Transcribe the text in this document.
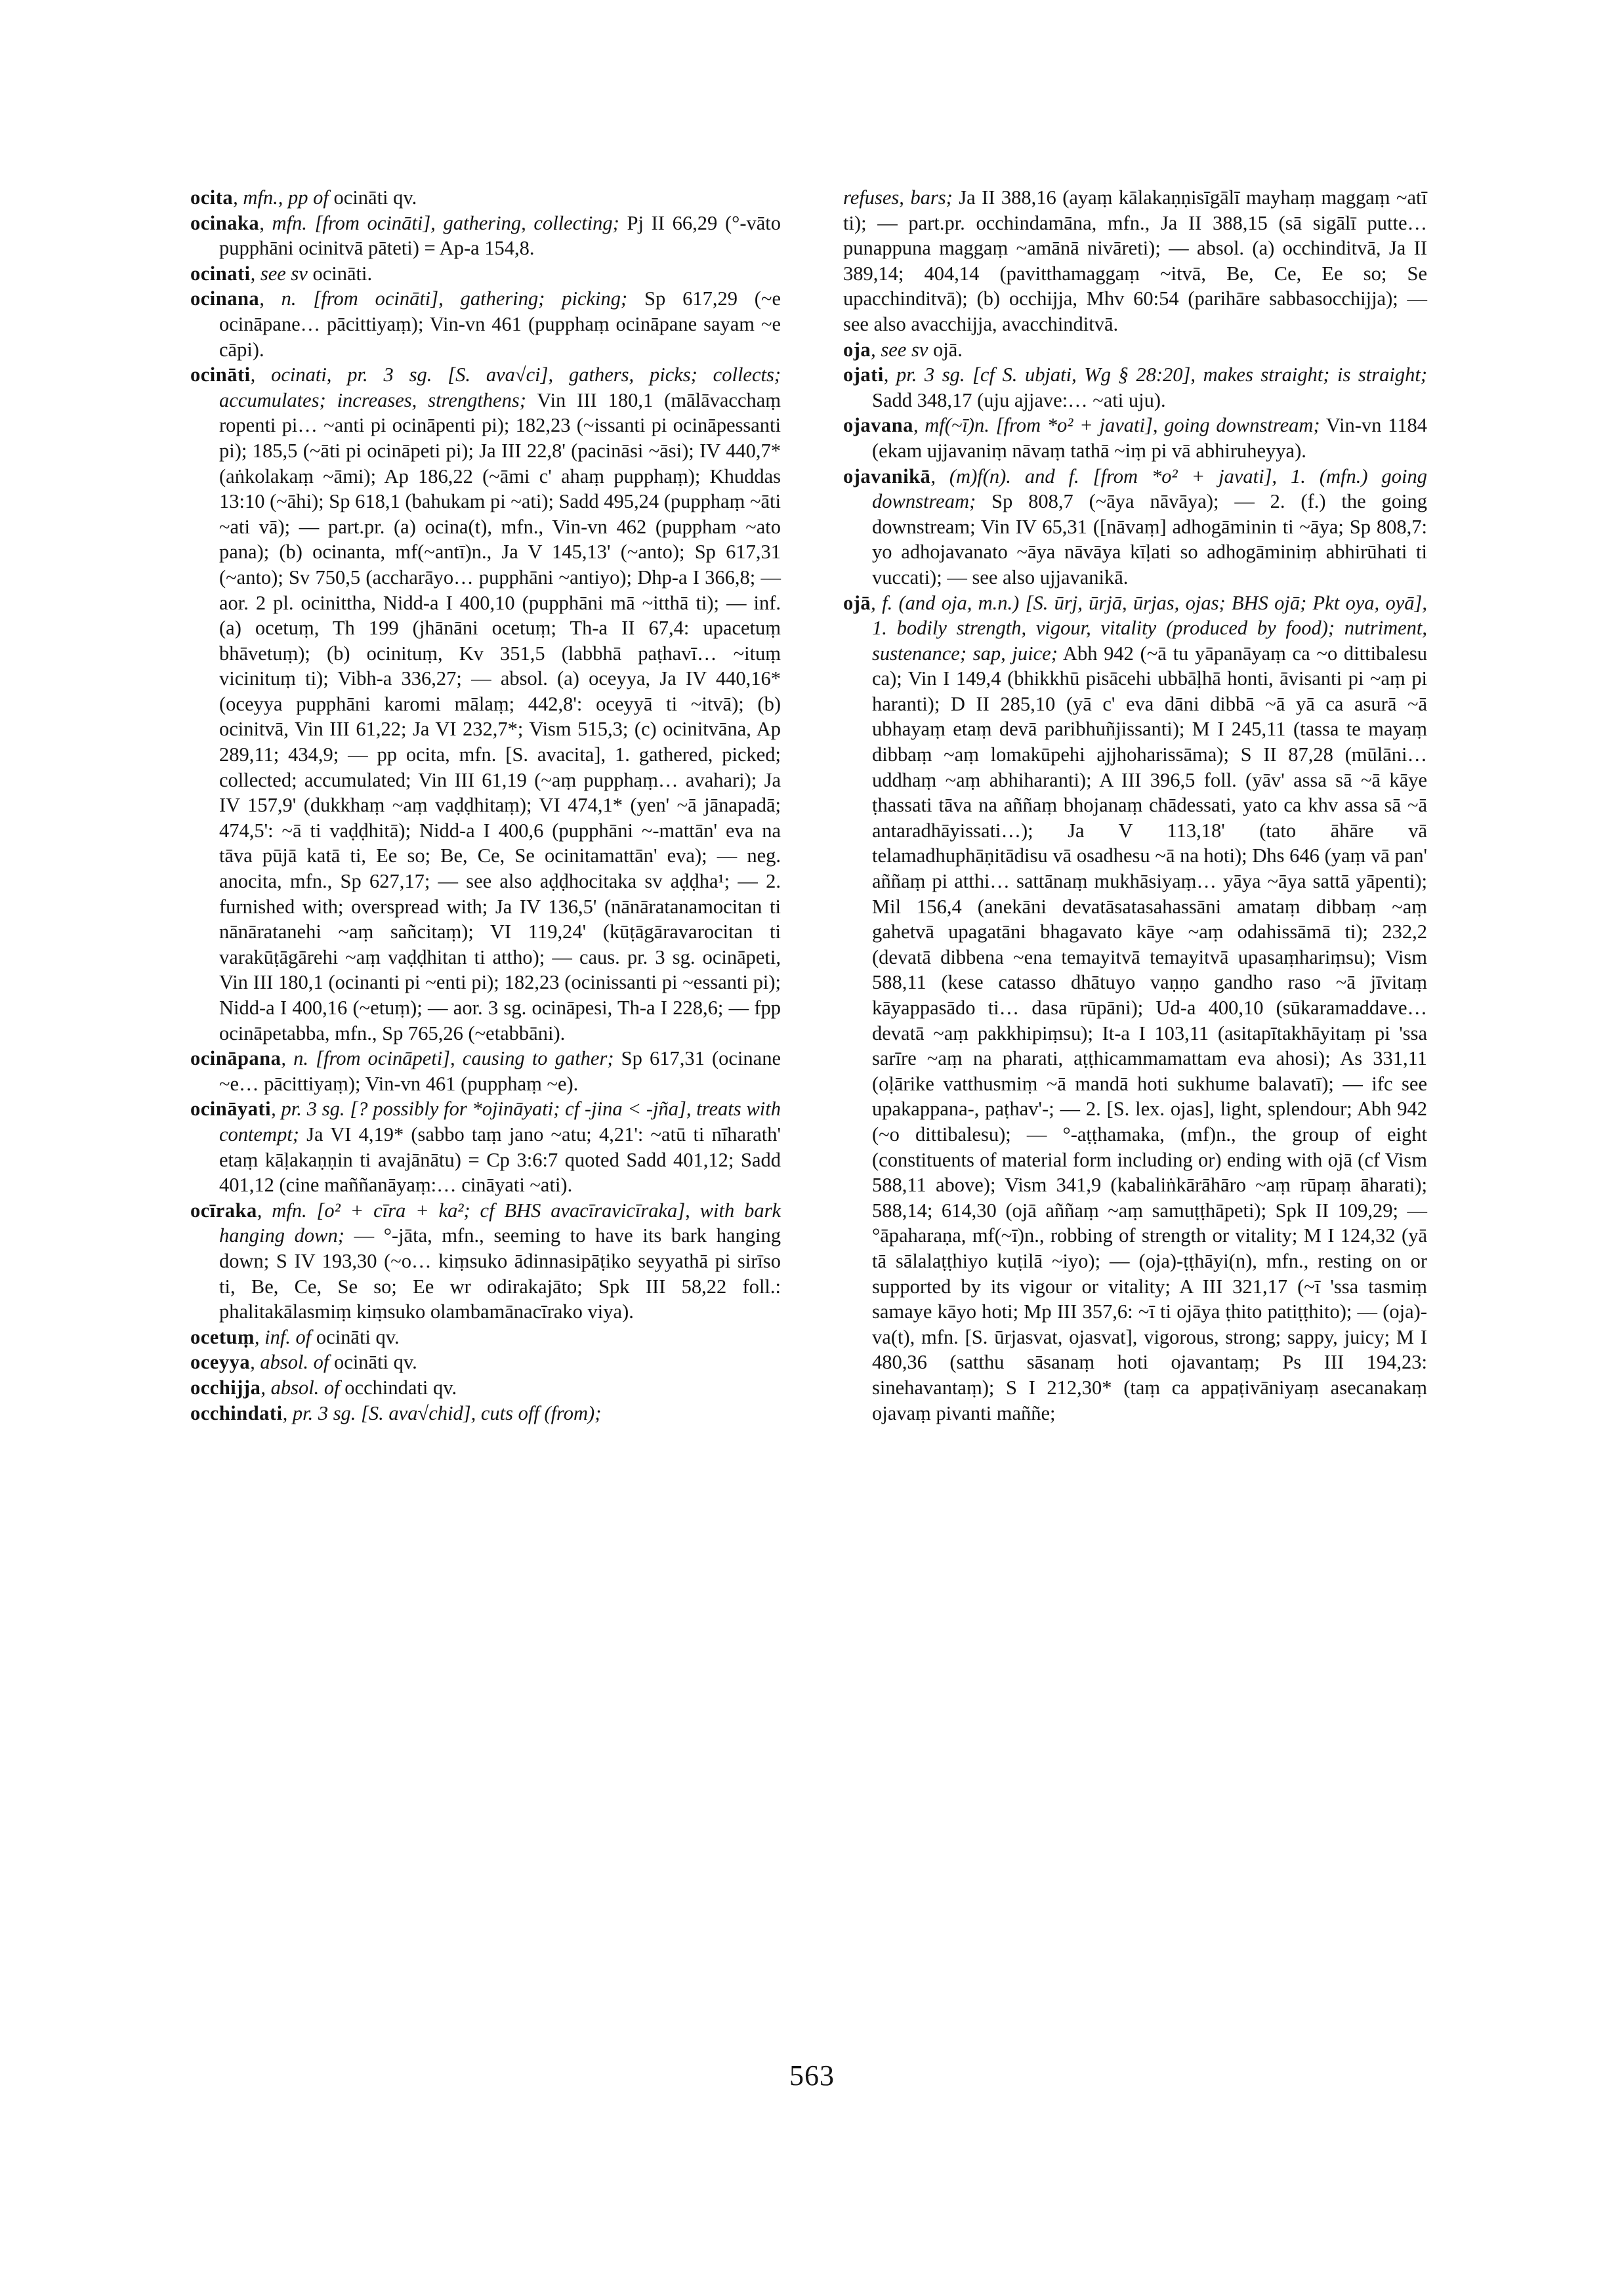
ocita, mfn., pp of ocināti qv.

ocinaka, mfn. [from ocināti], gathering, collecting; Pj II 66,29 (°-vāto pupphāni ocinitvā pāteti) = Ap-a 154,8.

ocinati, see sv ocināti.

ocinana, n. [from ocināti], gathering; picking; Sp 617,29 (~e ocināpane… pācittiyaṃ); Vin-vn 461 (pupphaṃ ocināpane sayam ~e cāpi).

ocināti, ocinati, pr. 3 sg. [S. ava√ci], gathers, picks; collects; accumulates; increases, strengthens; Vin III 180,1 (mālāvacchaṃ ropenti pi… ~anti pi ocināpenti pi); 182,23 (~issanti pi ocināpessanti pi); 185,5 (~āti pi ocināpeti pi); Ja III 22,8' (pacināsi ~āsi); IV 440,7* (aṅkolakaṃ ~āmi); Ap 186,22 (~āmi c' ahaṃ pupphaṃ); Khuddas 13:10 (~āhi); Sp 618,1 (bahukam pi ~ati); Sadd 495,24 (pupphaṃ ~āti ~ati vā); — part.pr. (a) ocina(t), mfn., Vin-vn 462 (puppham ~ato pana); (b) ocinanta, mf(~antī)n., Ja V 145,13' (~anto); Sp 617,31 (~anto); Sv 750,5 (accharāyo… pupphāni ~antiyo); Dhp-a I 366,8; — aor. 2 pl. ocinittha, Nidd-a I 400,10 (pupphāni mā ~itthā ti); — inf. (a) ocetuṃ, Th 199 (jhānāni ocetuṃ; Th-a II 67,4: upacetuṃ bhāvetuṃ); (b) ocinituṃ, Kv 351,5 (labbhā paṭhavī… ~ituṃ vicinituṃ ti); Vibh-a 336,27; — absol. (a) oceyya, Ja IV 440,16* (oceyya pupphāni karomi mālaṃ; 442,8': oceyyā ti ~itvā); (b) ocinitvā, Vin III 61,22; Ja VI 232,7*; Vism 515,3; (c) ocinitvāna, Ap 289,11; 434,9; — pp ocita, mfn. [S. avacita], 1. gathered, picked; collected; accumulated; Vin III 61,19 (~aṃ pupphaṃ… avahari); Ja IV 157,9' (dukkhaṃ ~aṃ vaḍḍhitaṃ); VI 474,1* (yen' ~ā jānapadā; 474,5': ~ā ti vaḍḍhitā); Nidd-a I 400,6 (pupphāni ~-mattān' eva na tāva pūjā katā ti, Ee so; Be, Ce, Se ocinitamattān' eva); — neg. anocita, mfn., Sp 627,17; — see also aḍḍhocitaka sv aḍḍha¹; — 2. furnished with; overspread with; Ja IV 136,5' (nānāratanamocitan ti nānāratanehi ~aṃ sañcitaṃ); VI 119,24' (kūṭāgāravarocitan ti varakūṭāgārehi ~aṃ vaḍḍhitan ti attho); — caus. pr. 3 sg. ocināpeti, Vin III 180,1 (ocinanti pi ~enti pi); 182,23 (ocinissanti pi ~essanti pi); Nidd-a I 400,16 (~etuṃ); — aor. 3 sg. ocināpesi, Th-a I 228,6; — fpp ocināpetabba, mfn., Sp 765,26 (~etabbāni).

ocināpana, n. [from ocināpeti], causing to gather; Sp 617,31 (ocinane ~e… pācittiyaṃ); Vin-vn 461 (pupphaṃ ~e).

ocināyati, pr. 3 sg. [? possibly for *ojināyati; cf -jina < -jña], treats with contempt; Ja VI 4,19* (sabbo taṃ jano ~atu; 4,21': ~atū ti nīharath' etaṃ kāḷakaṇṇin ti avajānātu) = Cp 3:6:7 quoted Sadd 401,12; Sadd 401,12 (cine maññanāyaṃ:… cināyati ~ati).

ocīraka, mfn. [o² + cīra + ka²; cf BHS avacīravicīraka], with bark hanging down; — °-jāta, mfn., seeming to have its bark hanging down; S IV 193,30 (~o… kiṃsuko ādinnasipāṭiko seyyathā pi sirīso ti, Be, Ce, Se so; Ee wr odirakajāto; Spk III 58,22 foll.: phalitakālasmiṃ kiṃsuko olambamānacīrako viya).

ocetuṃ, inf. of ocināti qv.

oceyya, absol. of ocināti qv.

occhijja, absol. of occhindati qv.

occhindati, pr. 3 sg. [S. ava√chid], cuts off (from);

refuses, bars; Ja II 388,16 (ayaṃ kālakaṇṇisīgālī mayhaṃ maggaṃ ~atī ti); — part.pr. occhindamāna, mfn., Ja II 388,15 (sā sigālī putte… punappuna maggaṃ ~amānā nivāreti); — absol. (a) occhinditvā, Ja II 389,14; 404,14 (pavitthamaggaṃ ~itvā, Be, Ce, Ee so; Se upacchinditvā); (b) occhijja, Mhv 60:54 (parihāre sabbasocchijja); — see also avacchijja, avacchinditvā.

oja, see sv ojā.

ojati, pr. 3 sg. [cf S. ubjati, Wg § 28:20], makes straight; is straight; Sadd 348,17 (uju ajjave:… ~ati uju).

ojavana, mf(~ī)n. [from *o² + javati], going downstream; Vin-vn 1184 (ekam ujjavaniṃ nāvaṃ tathā ~iṃ pi vā abhiruheyya).

ojavanikā, (m)f(n). and f. [from *o² + javati], 1. (mfn.) going downstream; Sp 808,7 (~āya nāvāya); — 2. (f.) the going downstream; Vin IV 65,31 ([nāvaṃ] adhogāminin ti ~āya; Sp 808,7: yo adhojavanato ~āya nāvāya kīḷati so adhogāminiṃ abhirūhati ti vuccati); — see also ujjavanikā.

ojā, f. (and oja, m.n.) [S. ūrj, ūrjā, ūrjas, ojas; BHS ojā; Pkt oya, oyā], 1. bodily strength, vigour, vitality (produced by food); nutriment, sustenance; sap, juice; Abh 942 (~ā tu yāpanāyaṃ ca ~o dittibalesu ca); Vin I 149,4 (bhikkhū pisācehi ubbāḷhā honti, āvisanti pi ~aṃ pi haranti); D II 285,10 (yā c' eva dāni dibbā ~ā yā ca asurā ~ā ubhayaṃ etaṃ devā paribhuñjissanti); M I 245,11 (tassa te mayaṃ dibbaṃ ~aṃ lomakūpehi ajjhoharissāma); S II 87,28 (mūlāni… uddhaṃ ~aṃ abhiharanti); A III 396,5 foll. (yāv' assa sā ~ā kāye ṭhassati tāva na aññaṃ bhojanaṃ chādessati, yato ca khv assa sā ~ā antaradhāyissati…); Ja V 113,18' (tato āhāre vā telamadhuphāṇitādisu vā osadhesu ~ā na hoti); Dhs 646 (yaṃ vā pan' aññaṃ pi atthi… sattānaṃ mukhāsiyaṃ… yāya ~āya sattā yāpenti); Mil 156,4 (anekāni devatāsatasahassāni amataṃ dibbaṃ ~aṃ gahetvā upagatāni bhagavato kāye ~aṃ odahissāmā ti); 232,2 (devatā dibbena ~ena temayitvā temayitvā upasaṃhariṃsu); Vism 588,11 (kese catasso dhātuyo vaṇṇo gandho raso ~ā jīvitaṃ kāyappasādo ti… dasa rūpāni); Ud-a 400,10 (sūkaramaddave… devatā ~aṃ pakkhipiṃsu); It-a I 103,11 (asitapītakhāyitaṃ pi 'ssa sarīre ~aṃ na pharati, aṭṭhicammamattam eva ahosi); As 331,11 (oḷārike vatthusmiṃ ~ā mandā hoti sukhume balavatī); — ifc see upakappana-, paṭhav'-; — 2. [S. lex. ojas], light, splendour; Abh 942 (~o dittibalesu); — °-aṭṭhamaka, (mf)n., the group of eight (constituents of material form including or) ending with ojā (cf Vism 588,11 above); Vism 341,9 (kabaliṅkārāhāro ~aṃ rūpaṃ āharati); 588,14; 614,30 (ojā aññaṃ ~aṃ samuṭṭhāpeti); Spk II 109,29; — °āpaharaṇa, mf(~ī)n., robbing of strength or vitality; M I 124,32 (yā tā sālalaṭṭhiyo kuṭilā ~iyo); — (oja)-ṭṭhāyi(n), mfn., resting on or supported by its vigour or vitality; A III 321,17 (~ī 'ssa tasmiṃ samaye kāyo hoti; Mp III 357,6: ~ī ti ojāya ṭhito patiṭṭhito); — (oja)-va(t), mfn. [S. ūrjasvat, ojasvat], vigorous, strong; sappy, juicy; M I 480,36 (satthu sāsanaṃ hoti ojavantaṃ; Ps III 194,23: sinehavantaṃ); S I 212,30* (taṃ ca appaṭivāniyaṃ asecanakaṃ ojavaṃ pivanti maññe;

563
